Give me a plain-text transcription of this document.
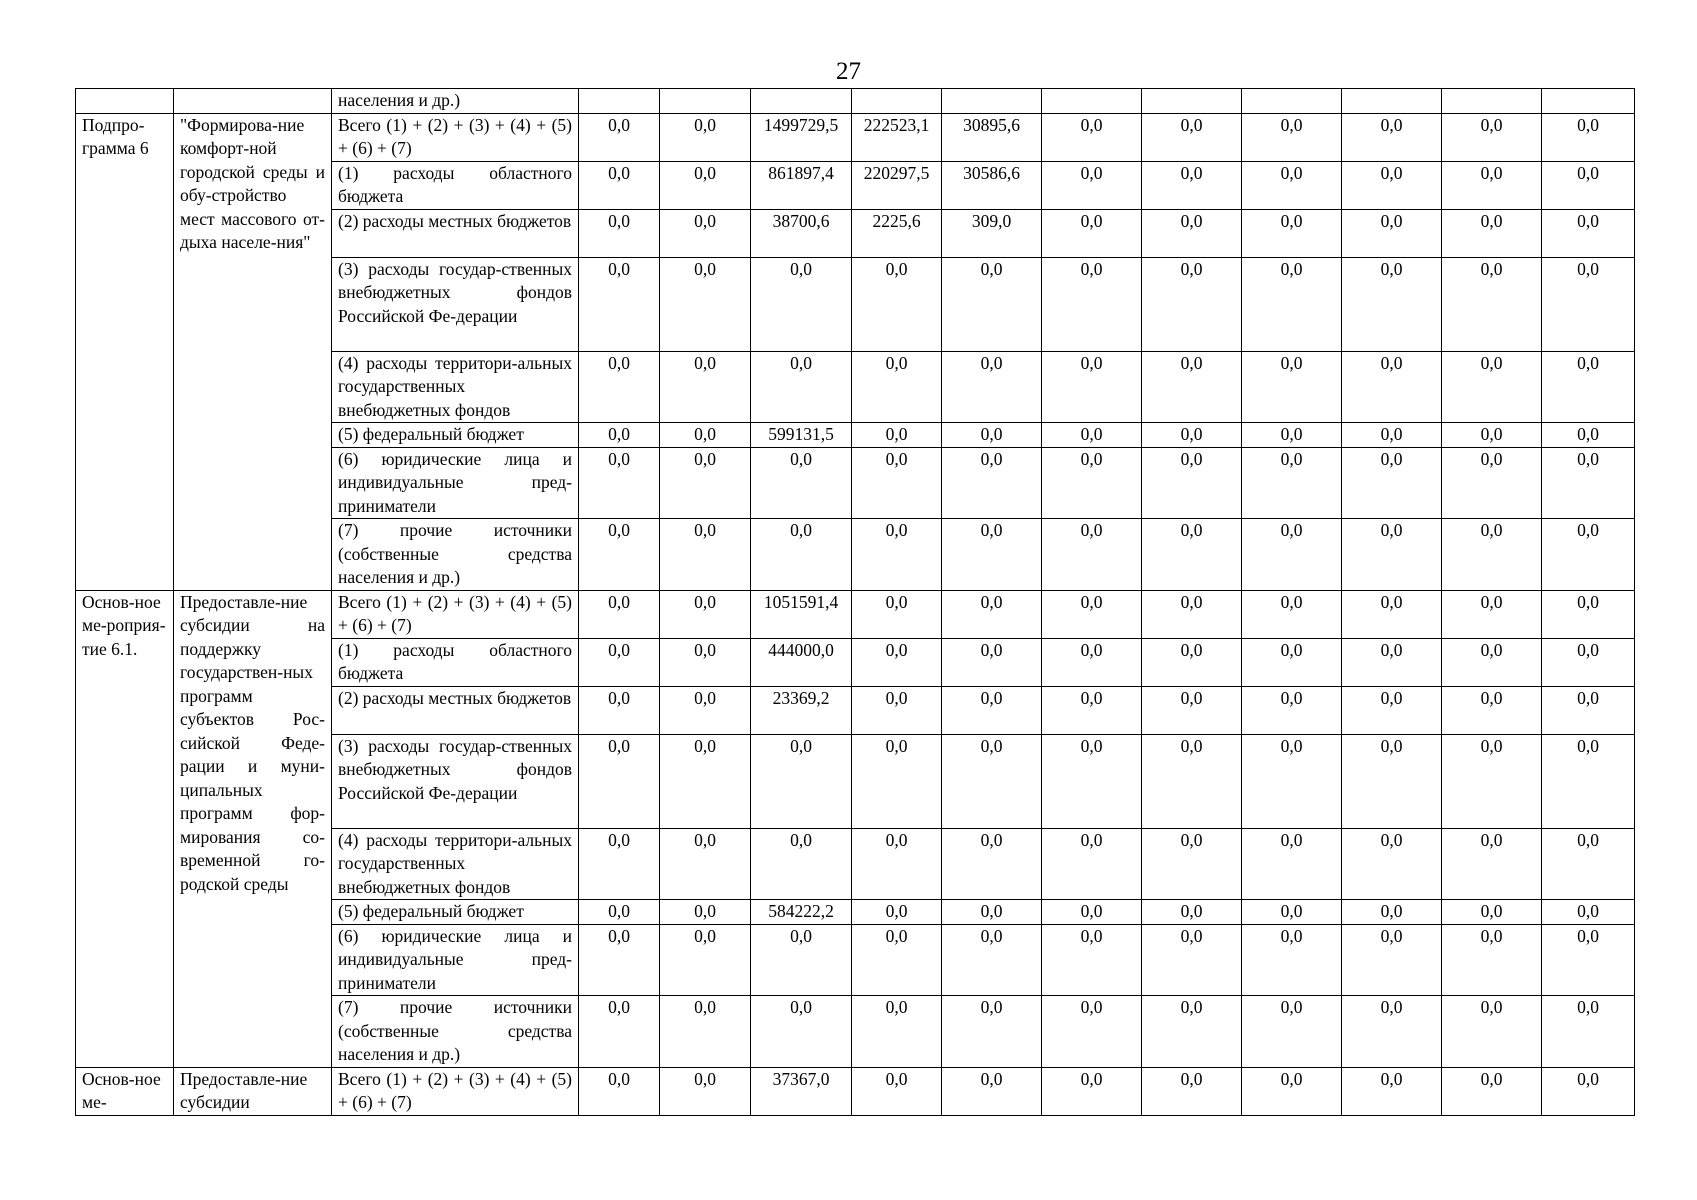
27
		населения и др.)											
Подпро-грамма 6	"Формирова-ние комфорт-ной городской среды и обу-стройство мест массового от-дыха населе-ния"	Всего (1) + (2) + (3) + (4) + (5) + (6) + (7)	0,0	0,0	1499729,5	222523,1	30895,6	0,0	0,0	0,0	0,0	0,0	0,0
		(1) расходы областного бюджета	0,0	0,0	861897,4	220297,5	30586,6	0,0	0,0	0,0	0,0	0,0	0,0
		(2) расходы местных бюджетов	0,0	0,0	38700,6	2225,6	309,0	0,0	0,0	0,0	0,0	0,0	0,0
		(3) расходы государ-ственных внебюджетных фондов Российской Фе-дерации	0,0	0,0	0,0	0,0	0,0	0,0	0,0	0,0	0,0	0,0	0,0
		(4) расходы территори-альных государственных внебюджетных фондов	0,0	0,0	0,0	0,0	0,0	0,0	0,0	0,0	0,0	0,0	0,0
		(5) федеральный бюджет	0,0	0,0	599131,5	0,0	0,0	0,0	0,0	0,0	0,0	0,0	0,0
		(6) юридические лица и индивидуальные пред-приниматели	0,0	0,0	0,0	0,0	0,0	0,0	0,0	0,0	0,0	0,0	0,0
		(7) прочие источники (собственные средства населения и др.)	0,0	0,0	0,0	0,0	0,0	0,0	0,0	0,0	0,0	0,0	0,0
Основ-ное ме-роприя-тие 6.1.	Предоставле-ние субсидии на поддержку государствен-ных программ субъектов Рос-сийской Феде-рации и муни-ципальных программ фор-мирования со-временной го-родской среды	Всего (1) + (2) + (3) + (4) + (5) + (6) + (7)	0,0	0,0	1051591,4	0,0	0,0	0,0	0,0	0,0	0,0	0,0	0,0
		(1) расходы областного бюджета	0,0	0,0	444000,0	0,0	0,0	0,0	0,0	0,0	0,0	0,0	0,0
		(2) расходы местных бюджетов	0,0	0,0	23369,2	0,0	0,0	0,0	0,0	0,0	0,0	0,0	0,0
		(3) расходы государ-ственных внебюджетных фондов Российской Фе-дерации	0,0	0,0	0,0	0,0	0,0	0,0	0,0	0,0	0,0	0,0	0,0
		(4) расходы территори-альных государственных внебюджетных фондов	0,0	0,0	0,0	0,0	0,0	0,0	0,0	0,0	0,0	0,0	0,0
		(5) федеральный бюджет	0,0	0,0	584222,2	0,0	0,0	0,0	0,0	0,0	0,0	0,0	0,0
		(6) юридические лица и индивидуальные пред-приниматели	0,0	0,0	0,0	0,0	0,0	0,0	0,0	0,0	0,0	0,0	0,0
		(7) прочие источники (собственные средства населения и др.)	0,0	0,0	0,0	0,0	0,0	0,0	0,0	0,0	0,0	0,0	0,0
Основ-ное ме-	Предоставле-ние субсидии	Всего (1) + (2) + (3) + (4) + (5) + (6) + (7)	0,0	0,0	37367,0	0,0	0,0	0,0	0,0	0,0	0,0	0,0	0,0
